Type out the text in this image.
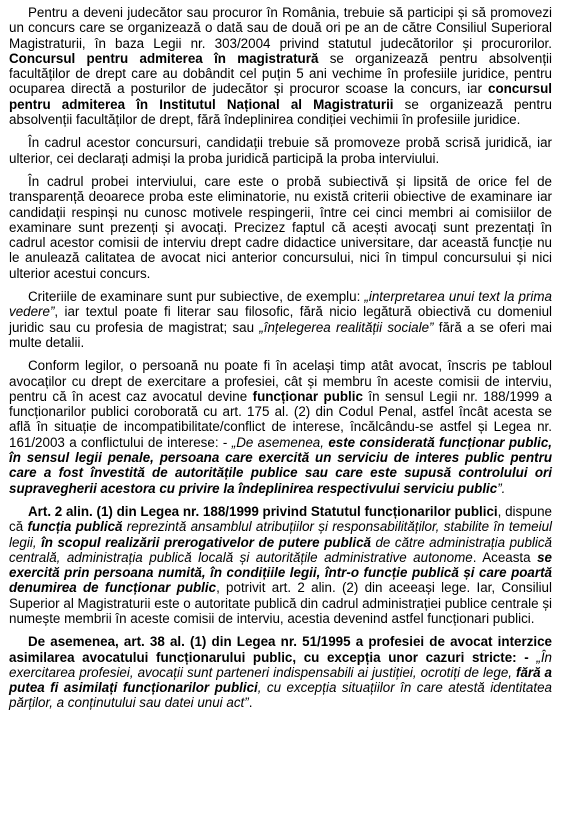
Pentru a deveni judecător sau procuror în România, trebuie să participi și să promovezi un concurs care se organizează o dată sau de două ori pe an de către Consiliul Superioral Magistraturii, în baza Legii nr. 303/2004 privind statutul judecătorilor și procurorilor. Concursul pentru admiterea în magistratură se organizează pentru absolvenții facultăților de drept care au dobândit cel puțin 5 ani vechime în profesiile juridice, pentru ocuparea directă a posturilor de judecător și procuror scoase la concurs, iar concursul pentru admiterea în Institutul Național al Magistraturii se organizează pentru absolvenții facultăților de drept, fără îndeplinirea condiției vechimii în profesiile juridice.

În cadrul acestor concursuri, candidații trebuie să promoveze probă scrisă juridică, iar ulterior, cei declarați admiși la proba juridică participă la proba interviului.

În cadrul probei interviului, care este o probă subiectivă și lipsită de orice fel de transparență deoarece proba este eliminatorie, nu există criterii obiective de examinare iar candidații respinși nu cunosc motivele respingerii, între cei cinci membri ai comisiilor de examinare sunt prezenți și avocați. Precizez faptul că acești avocați sunt prezentați în cadrul acestor comisii de interviu drept cadre didactice universitare, dar această funcție nu le anulează calitatea de avocat nici anterior concursului, nici în timpul concursului și nici ulterior acestui concurs.

Criteriile de examinare sunt pur subiective, de exemplu: „interpretarea unui text la prima vedere”, iar textul poate fi literar sau filosofic, fără nicio legătură obiectivă cu domeniul juridic sau cu profesia de magistrat; sau „înțelegerea realității sociale” fără a se oferi mai multe detalii.

Conform legilor, o persoană nu poate fi în același timp atât avocat, înscris pe tabloul avocaților cu drept de exercitare a profesiei, cât și membru în aceste comisii de interviu, pentru că în acest caz avocatul devine funcționar public în sensul Legii nr. 188/1999 a funcționarilor publici coroborată cu art. 175 al. (2) din Codul Penal, astfel încât acesta se află în situație de incompatibilitate/conflict de interese, încălcându-se astfel și Legea nr. 161/2003 a conflictului de interese: - „De asemenea, este considerată funcționar public, în sensul legii penale, persoana care exercită un serviciu de interes public pentru care a fost învestită de autoritățile publice sau care este supusă controlului ori supravegherii acestora cu privire la îndeplinirea respectivului serviciu public”.

Art. 2 alin. (1) din Legea nr. 188/1999 privind Statutul funcționarilor publici, dispune că funcția publică reprezintă ansamblul atribuțiilor și responsabilităților, stabilite în temeiul legii, în scopul realizării prerogativelor de putere publică de către administrația publică centrală, administrația publică locală și autoritățile administrative autonome. Aceasta se exercită prin persoana numită, în condițiile legii, într-o funcție publică și care poartă denumirea de funcționar public, potrivit art. 2 alin. (2) din aceeași lege. Iar, Consiliul Superior al Magistraturii este o autoritate publică din cadrul administrației publice centrale și numește membrii în aceste comisii de interviu, acestia devenind astfel funcționari publici.

De asemenea, art. 38 al. (1) din Legea nr. 51/1995 a profesiei de avocat interzice asimilarea avocatului funcționarului public, cu excepția unor cazuri stricte: - „În exercitarea profesiei, avocații sunt parteneri indispensabili ai justiției, ocrotiți de lege, fără a putea fi asimilați funcționarilor publici, cu excepția situațiilor în care atestă identitatea părților, a conținutului sau datei unui act”.
